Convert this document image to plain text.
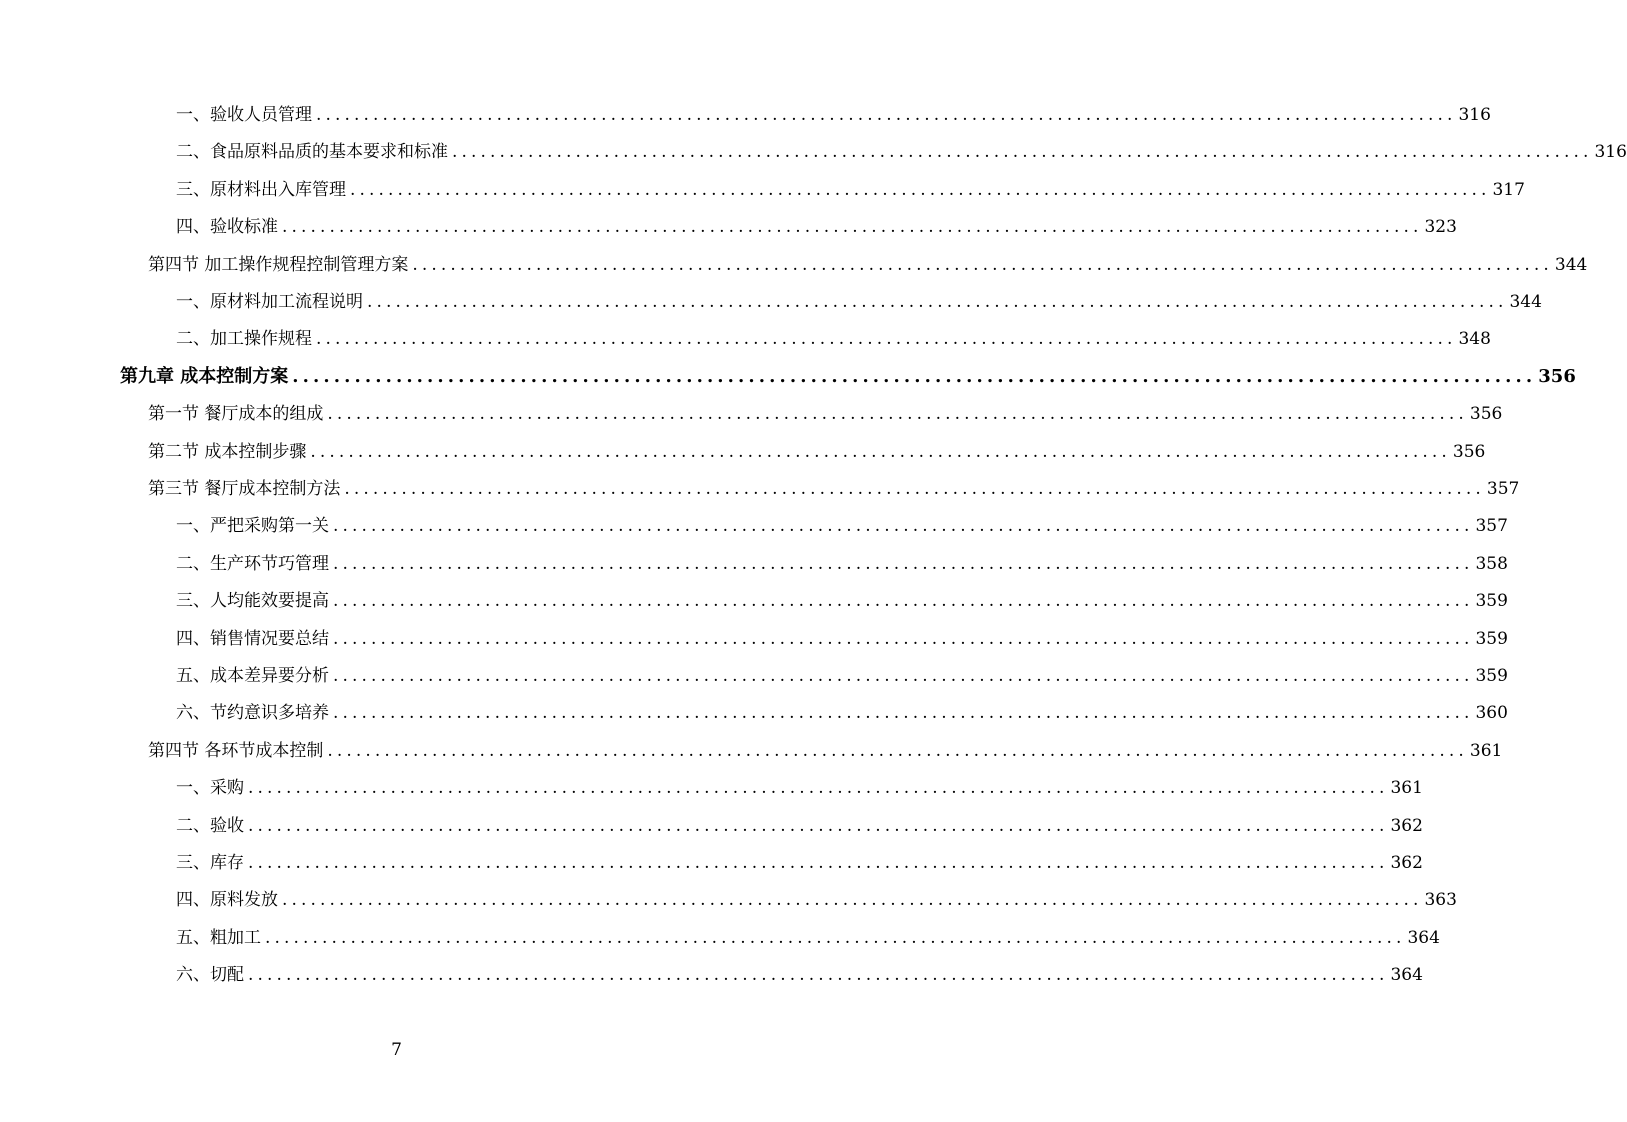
一、验收人员管理 ........................................................................................................................ 316
二、食品原料品质的基本要求和标准 ........................................................................................................................ 316
三、原材料出入库管理 ........................................................................................................................ 317
四、验收标准 ........................................................................................................................ 323
第四节 加工操作规程控制管理方案 ........................................................................................................................ 344
一、原材料加工流程说明 ........................................................................................................................ 344
二、加工操作规程 ........................................................................................................................ 348
第九章 成本控制方案 ........................................................................................................................ 356
第一节 餐厅成本的组成 ........................................................................................................................ 356
第二节 成本控制步骤 ........................................................................................................................ 356
第三节 餐厅成本控制方法 ........................................................................................................................ 357
一、严把采购第一关 ........................................................................................................................ 357
二、生产环节巧管理 ........................................................................................................................ 358
三、人均能效要提高 ........................................................................................................................ 359
四、销售情况要总结 ........................................................................................................................ 359
五、成本差异要分析 ........................................................................................................................ 359
六、节约意识多培养 ........................................................................................................................ 360
第四节 各环节成本控制 ........................................................................................................................ 361
一、采购 ........................................................................................................................ 361
二、验收 ........................................................................................................................ 362
三、库存 ........................................................................................................................ 362
四、原料发放 ........................................................................................................................ 363
五、粗加工 ........................................................................................................................ 364
六、切配 ........................................................................................................................ 364
7
